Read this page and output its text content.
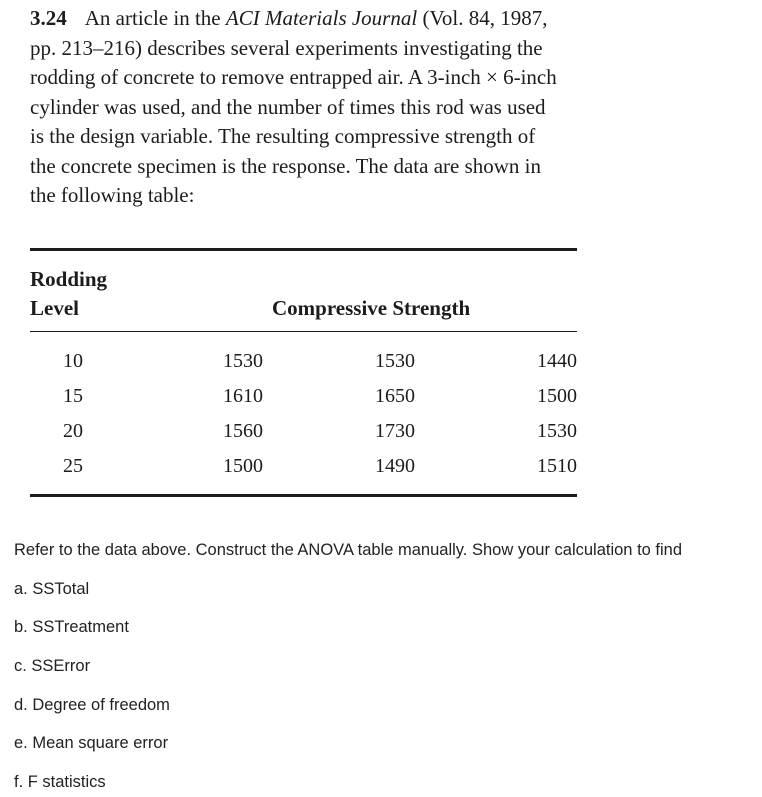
3.24 An article in the ACI Materials Journal (Vol. 84, 1987,
pp. 213–216) describes several experiments investigating the
rodding of concrete to remove entrapped air. A 3-inch × 6-inch
cylinder was used, and the number of times this rod was used
is the design variable. The resulting compressive strength of
the concrete specimen is the response. The data are shown in
the following table:
Rodding
Level	Compressive Strength
10	1530	1530	1440
15	1610	1650	1500
20	1560	1730	1530
25	1500	1490	1510
Refer to the data above. Construct the ANOVA table manually. Show your calculation to find
a. SSTotal
b. SSTreatment
c. SSError
d. Degree of freedom
e. Mean square error
f. F statistics
